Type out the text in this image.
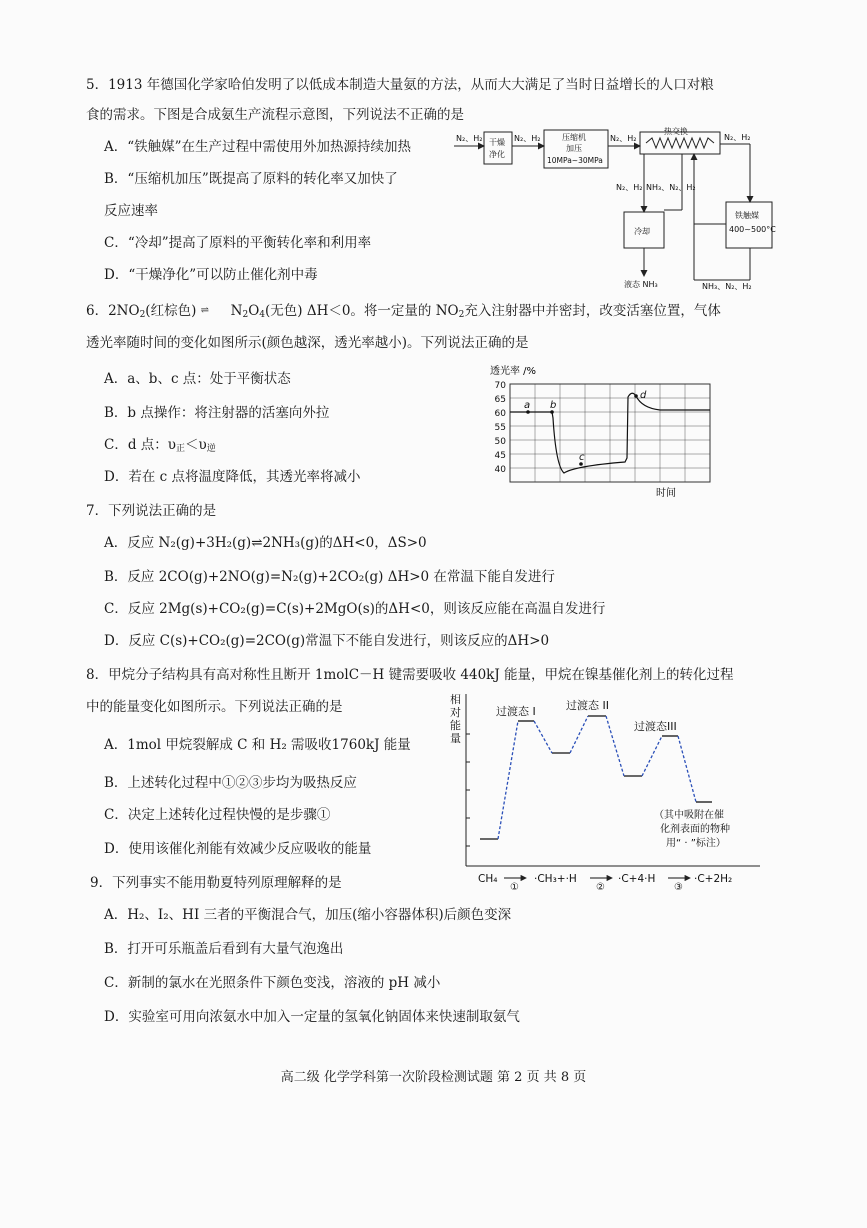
5．1913 年德国化学家哈伯发明了以低成本制造大量氨的方法，从而大大满足了当时日益增长的人口对粮
食的需求。下图是合成氨生产流程示意图，下列说法不正确的是
A．“铁触媒”在生产过程中需使用外加热源持续加热
B．“压缩机加压”既提高了原料的转化率又加快了
反应速率
C．“冷却”提高了原料的平衡转化率和利用率
D．“干燥净化”可以防止催化剂中毒
N₂、H₂ 干燥
净化
N₂、H₂	压缩机
加压
10MPa~30MPa
N₂、H₂
热交换
N₂、H₂
N₂、H₂ NH₃、N₂、H₂
冷却
铁触媒
400~500°C
液态 NH₃	NH₃、N₂、H₂
6．$2NO_2$(红棕色) ⇌ $N_2O_4$(无色) ΔH＜0。将一定量的 $NO_2$充入注射器中并密封，改变活塞位置，气体
透光率随时间的变化如图所示(颜色越深，透光率越小)。下列说法正确的是
A．a、b、c 点：处于平衡状态
B．b 点操作：将注射器的活塞向外拉
C．d 点：$\upsilon_正<\upsilon_逆$
D．若在 c 点将温度降低，其透光率将减小
透光率 /%
70
65
60
55
50
45
40
a b
c
d
时间
7．下列说法正确的是
A．反应 N₂(g)+3H₂(g)⇌2NH₃(g)的ΔH<0，ΔS>0
B．反应 2CO(g)+2NO(g)=N₂(g)+2CO₂(g) ΔH>0 在常温下能自发进行
C．反应 2Mg(s)+CO₂(g)=C(s)+2MgO(s)的ΔH<0，则该反应能在高温自发进行
D．反应 C(s)+CO₂(g)=2CO(g)常温下不能自发进行，则该反应的ΔH>0
8．甲烷分子结构具有高对称性且断开 1molC－H 键需要吸收 440kJ 能量，甲烷在镍基催化剂上的转化过程
中的能量变化如图所示。下列说法正确的是
A．1mol 甲烷裂解成 C 和 H₂ 需吸收1760kJ 能量
B．上述转化过程中①②③步均为吸热反应
C．决定上述转化过程快慢的是步骤①
D．使用该催化剂能有效减少反应吸收的能量
相
对
能
量
过渡态 I	过渡态 II
过渡态III
（其中吸附在催
化剂表面的物种
用“ · ”标注）
CH₄	·CH₃+·H	·C+4·H	·C+2H₂
①	②	③
9．下列事实不能用勒夏特列原理解释的是
A．H₂、I₂、HI 三者的平衡混合气，加压(缩小容器体积)后颜色变深
B．打开可乐瓶盖后看到有大量气泡逸出
C．新制的氯水在光照条件下颜色变浅，溶液的 pH 减小
D．实验室可用向浓氨水中加入一定量的氢氧化钠固体来快速制取氨气
高二级 化学学科第一次阶段检测试题 第 2 页 共 8 页
